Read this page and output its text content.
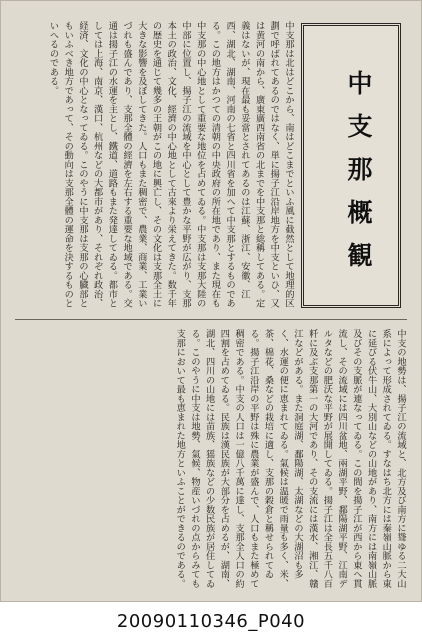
中支那は北はどこから、南はどこまでといふ風に截然として地理的区劃で呼ばれてあるのではなく、単に揚子江沿岸地方を中支といひ、又は黄河の南から、廣東廣西南省の北までを中支那と総稱してある。定義はないが、現在最も妥當とされてあるのは江蘇、浙江、安徽、江西、湖北、湖南、河南の七省と四川省を加へて中支那とするものである。この地方はかつての清朝の中央政府の所在地であり、また現在も中支那の中心地として重要な地位を占めてゐる。中支那は支那大陸の中部に位置し、揚子江の流域を中心として豊かな平野が広がり、支那本土の政治、文化、經濟の中心地として古來より栄えてきた。数千年の歴史を通じて幾多の王朝がこの地に興亡し、その文化は支那全土に大きな影響を及ぼしてきた。人口もまた稠密で、農業、商業、工業いづれも盛んであり、支那全體の經濟を左右する重要な地域である。交通は揚子江の水運を主とし、鐵道、道路もまた発達してゐる。都市としては上海、南京、漢口、杭州などの大都市があり、それぞれ政治、経済、文化の中心となってゐる。このやうに中支那は支那の心臓部ともいふべき地方であって、その動向は支那全體の運命を決するものといへるのである。
中支那概観
中支の地勢は、揚子江の流域と、北方及び南方に聳ゆる二大山系によって形成されてゐる。すなはち北方には秦嶺山脈から東に延びる伏牛山、大別山などの山地があり、南方には南嶺山脈及びその支脈が連なってゐる。この間を揚子江が西から東へ貫流し、その流域には四川盆地、兩湖平野、鄱陽湖平野、江南デルタなどの肥沃な平野が展開してゐる。揚子江は全長五千八百粁に及ぶ支那第一の大河であり、その支流には漢水、湘江、贛江などがある。また洞庭湖、鄱陽湖、太湖などの大湖沼も多く、水運の便に恵まれてゐる。氣候は温暖で雨量も多く、米、茶、棉花、桑などの栽培に適し、支那の穀倉と稱せられてゐる。揚子江沿岸の平野は殊に農業が盛んで、人口もまた極めて稠密である。中支の人口は一億八千萬に達し、支那全人口の約四割を占めてゐる。民族は漢民族が大部分を占めるが、湖南、湖北、四川の山地には苗族、猺族などの少数民族が居住してゐる。このやうに中支は地勢、氣候、物産いづれの点からみても支那において最も恵まれた地方といふことができるのである。
20090110346_P040
